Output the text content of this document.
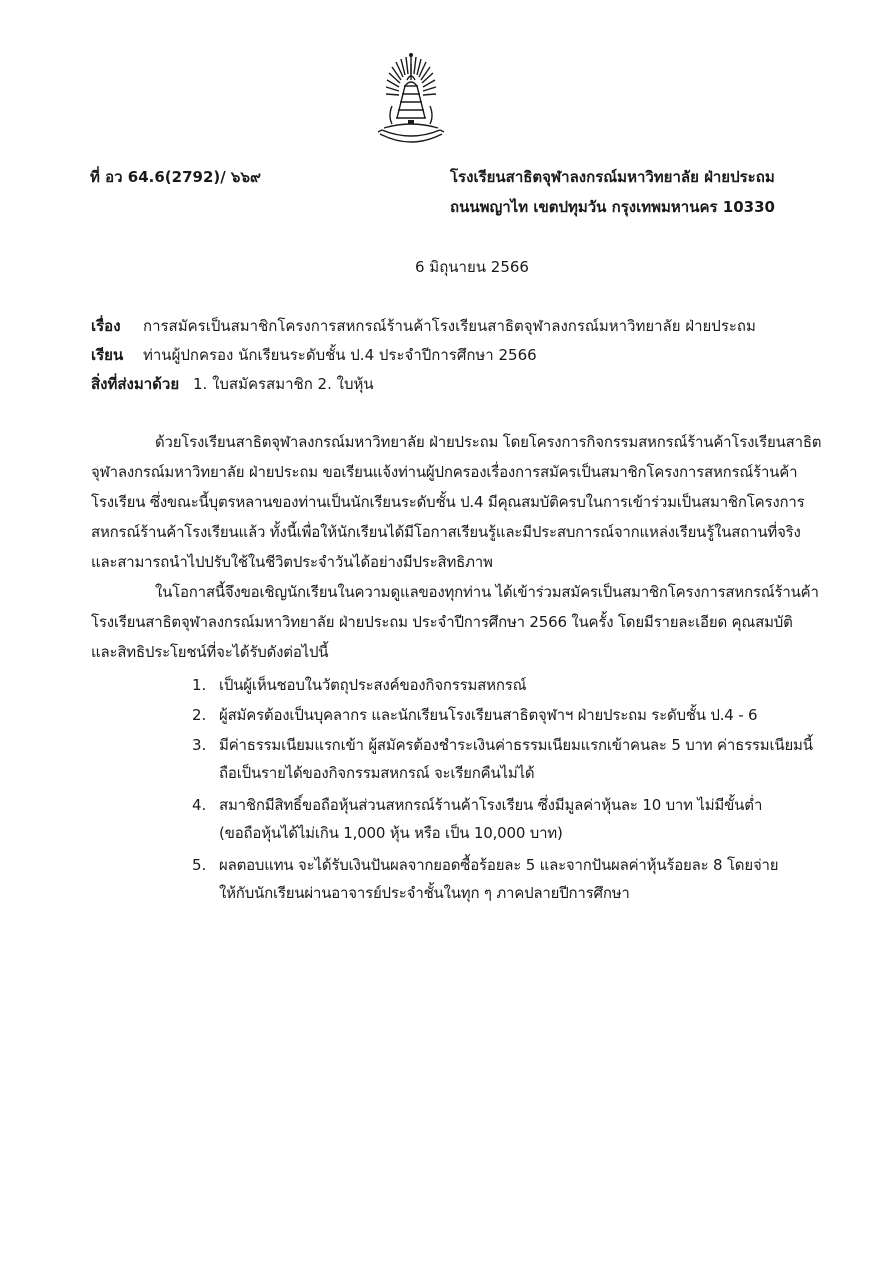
ที่ อว 64.6(2792)/ ๖๖๙	โรงเรียนสาธิตจุฬาลงกรณ์มหาวิทยาลัย ฝ่ายประถม
ถนนพญาไท เขตปทุมวัน กรุงเทพมหานคร 10330
6 มิถุนายน 2566
เรื่อง การสมัครเป็นสมาชิกโครงการสหกรณ์ร้านค้าโรงเรียนสาธิตจุฬาลงกรณ์มหาวิทยาลัย ฝ่ายประถม
เรียน ท่านผู้ปกครอง นักเรียนระดับชั้น ป.4 ประจำปีการศึกษา 2566
สิ่งที่ส่งมาด้วย 1. ใบสมัครสมาชิก 2. ใบหุ้น
ด้วยโรงเรียนสาธิตจุฬาลงกรณ์มหาวิทยาลัย ฝ่ายประถม โดยโครงการกิจกรรมสหกรณ์ร้านค้าโรงเรียนสาธิต
จุฬาลงกรณ์มหาวิทยาลัย ฝ่ายประถม ขอเรียนแจ้งท่านผู้ปกครองเรื่องการสมัครเป็นสมาชิกโครงการสหกรณ์ร้านค้า
โรงเรียน ซึ่งขณะนี้บุตรหลานของท่านเป็นนักเรียนระดับชั้น ป.4 มีคุณสมบัติครบในการเข้าร่วมเป็นสมาชิกโครงการ
สหกรณ์ร้านค้าโรงเรียนแล้ว ทั้งนี้เพื่อให้นักเรียนได้มีโอกาสเรียนรู้และมีประสบการณ์จากแหล่งเรียนรู้ในสถานที่จริง
และสามารถนำไปปรับใช้ในชีวิตประจำวันได้อย่างมีประสิทธิภาพ
ในโอกาสนี้จึงขอเชิญนักเรียนในความดูแลของทุกท่าน ได้เข้าร่วมสมัครเป็นสมาชิกโครงการสหกรณ์ร้านค้า
โรงเรียนสาธิตจุฬาลงกรณ์มหาวิทยาลัย ฝ่ายประถม ประจำปีการศึกษา 2566 ในครั้ง โดยมีรายละเอียด คุณสมบัติ
และสิทธิประโยชน์ที่จะได้รับดังต่อไปนี้
1. เป็นผู้เห็นชอบในวัตถุประสงค์ของกิจกรรมสหกรณ์
2. ผู้สมัครต้องเป็นบุคลากร และนักเรียนโรงเรียนสาธิตจุฬาฯ ฝ่ายประถม ระดับชั้น ป.4 - 6
3. มีค่าธรรมเนียมแรกเข้า ผู้สมัครต้องชำระเงินค่าธรรมเนียมแรกเข้าคนละ 5 บาท ค่าธรรมเนียมนี้
ถือเป็นรายได้ของกิจกรรมสหกรณ์ จะเรียกคืนไม่ได้
4. สมาชิกมีสิทธิ์ขอถือหุ้นส่วนสหกรณ์ร้านค้าโรงเรียน ซึ่งมีมูลค่าหุ้นละ 10 บาท ไม่มีขั้นต่ำ
(ขอถือหุ้นได้ไม่เกิน 1,000 หุ้น หรือ เป็น 10,000 บาท)
5. ผลตอบแทน จะได้รับเงินปันผลจากยอดซื้อร้อยละ 5 และจากปันผลค่าหุ้นร้อยละ 8 โดยจ่าย
ให้กับนักเรียนผ่านอาจารย์ประจำชั้นในทุก ๆ ภาคปลายปีการศึกษา
